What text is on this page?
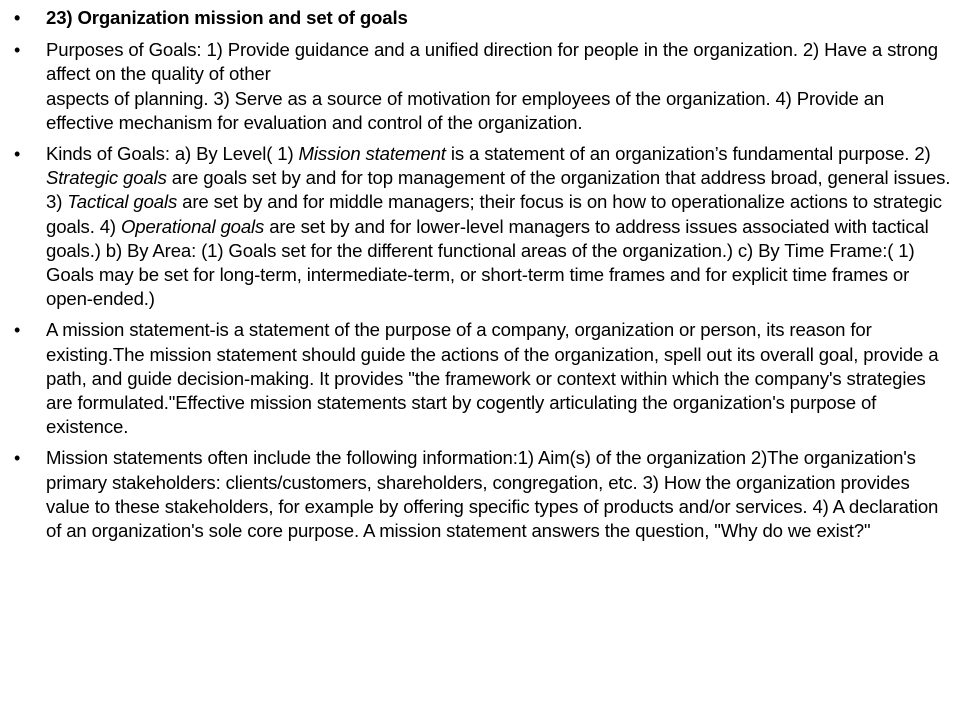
• 23) Organization mission and set of goals
• Purposes of Goals: 1) Provide guidance and a unified direction for people in the organization. 2) Have a strong affect on the quality of other

aspects of planning. 3) Serve as a source of motivation for employees of the organization. 4) Provide an effective mechanism for evaluation and control of the organization.

• Kinds of Goals: a) By Level( 1) Mission statement is a statement of an organization’s fundamental purpose. 2) Strategic goals are goals set by and for top management of the organization that address broad, general issues. 3) Tactical goals are set by and for middle managers; their focus is on how to operationalize actions to strategic goals. 4) Operational goals are set by and for lower-level managers to address issues associated with tactical goals.) b) By Area: (1) Goals set for the different functional areas of the organization.) c) By Time Frame:( 1) Goals may be set for long-term, intermediate-term, or short-term time frames and for explicit time frames or open-ended.)

• A mission statement-is a statement of the purpose of a company, organization or person, its reason for existing.The mission statement should guide the actions of the organization, spell out its overall goal, provide a path, and guide decision-making. It provides "the framework or context within which the company's strategies are formulated."Effective mission statements start by cogently articulating the organization's purpose of existence.

• Mission statements often include the following information:1) Aim(s) of the organization 2)The organization's primary stakeholders: clients/customers, shareholders, congregation, etc. 3) How the organization provides value to these stakeholders, for example by offering specific types of products and/or services. 4) A declaration of an organization's sole core purpose. A mission statement answers the question, "Why do we exist?"
